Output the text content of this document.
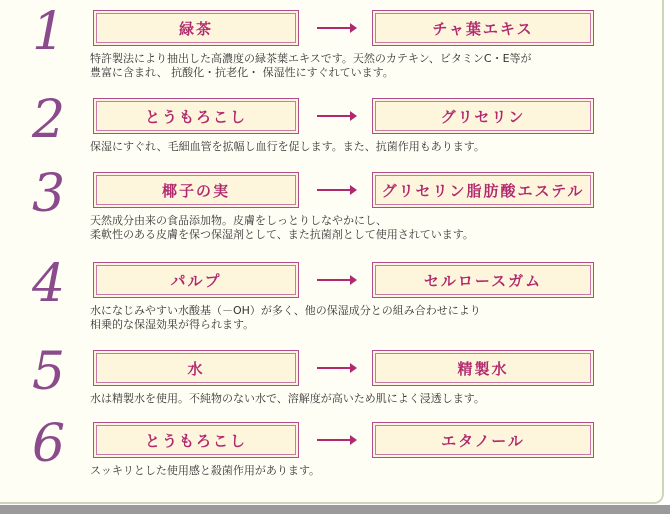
1	緑茶	チャ葉エキス
特許製法により抽出した高濃度の緑茶葉エキスです。天然のカテキン、ビタミンC・E等が
豊富に含まれ、 抗酸化・抗老化・ 保湿性にすぐれています。
2	とうもろこし	グリセリン
保湿にすぐれ、毛細血管を拡幅し血行を促します。また、抗菌作用もあります。
3	椰子の実	グリセリン脂肪酸エステル
天然成分由来の食品添加物。皮膚をしっとりしなやかにし、
柔軟性のある皮膚を保つ保湿剤として、また抗菌剤として使用されています。
4	パルプ	セルロースガム
水になじみやすい水酸基（－OH）が多く、他の保湿成分との組み合わせにより
相乗的な保湿効果が得られます。
5	水	精製水
水は精製水を使用。不純物のない水で、溶解度が高いため肌によく浸透します。
6	とうもろこし	エタノール
スッキリとした使用感と殺菌作用があります。
